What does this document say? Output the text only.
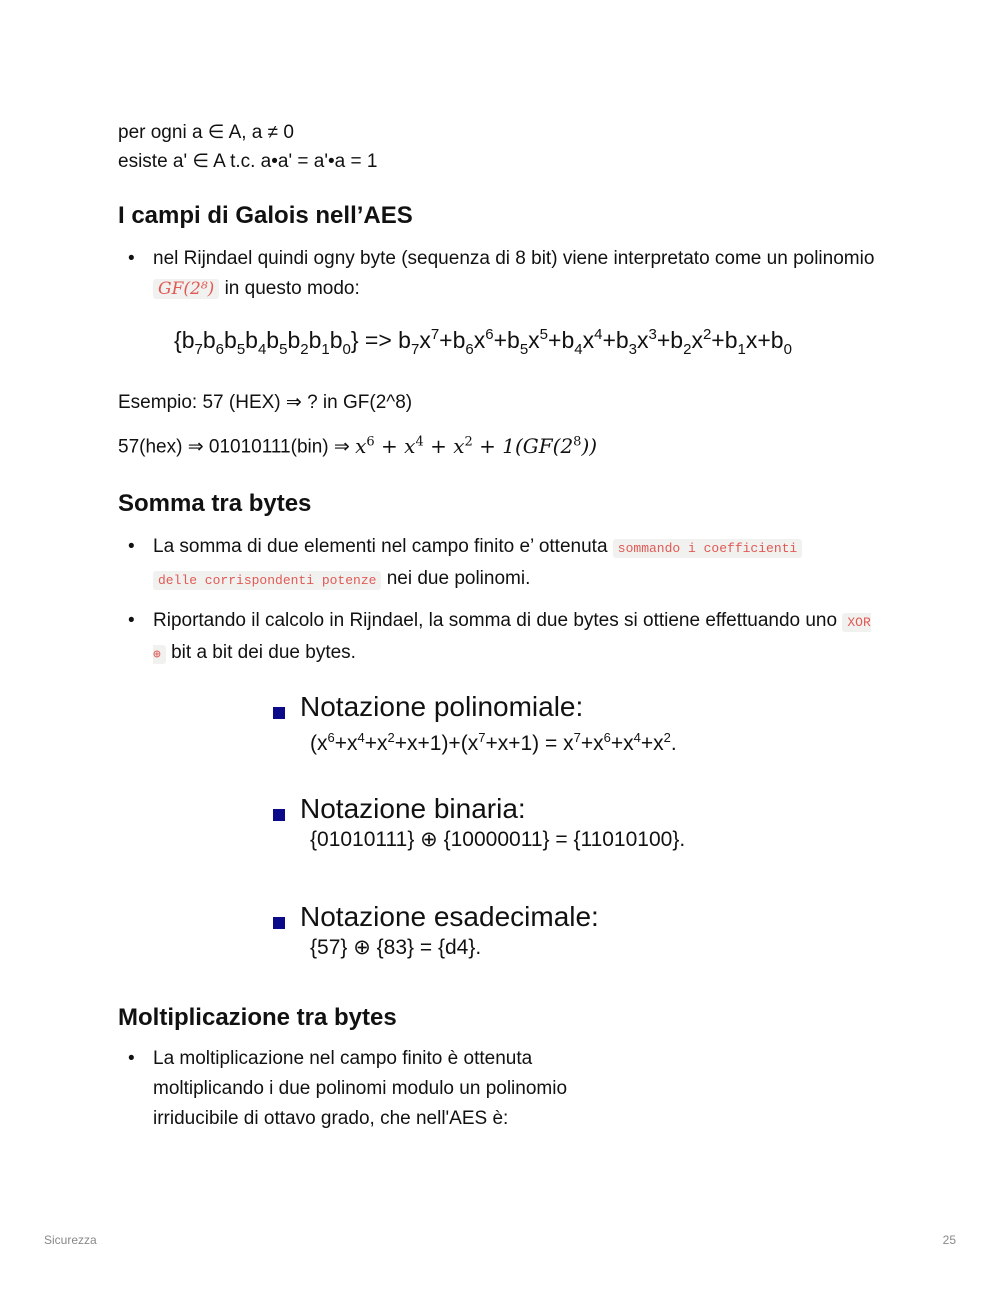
per ogni a ∈ A, a ≠ 0

esiste a' ∈ A t.c. a•a' = a'•a = 1

I campi di Galois nell’AES
• nel Rijndael quindi ogny byte (sequenza di 8 bit) viene interpretato come un polinomio GF(2⁸) in questo modo:
$\{b_7b_6b_5b_4b_5b_2b_1b_0\} => b_7x^7+b_6x^6+b_5x^5+b_4x^4+b_3x^3+b_2x^2+b_1x+b_0$

Esempio: 57 (HEX) ⇒ ? in GF(2^8)

57(hex) ⇒ 01010111(bin) ⇒ $x^6 + x^4 + x^2 + 1(GF(2^8))$

Somma tra bytes
• La somma di due elementi nel campo finito e’ ottenuta sommando i coefficienti
delle corrispondenti potenze nei due polinomi.
• Riportando il calcolo in Rijndael, la somma di due bytes si ottiene effettuando uno XOR ⊕ bit a bit dei due bytes.
Notazione polinomiale:
$(x^6+x^4+x^2+x+1)+(x^7+x+1) = x^7+x^6+x^4+x^2$.
Notazione binaria:
{01010111} ⊕ {10000011} = {11010100}.
Notazione esadecimale:
{57} ⊕ {83} = {d4}.
Moltiplicazione tra bytes
• La moltiplicazione nel campo finito è ottenuta
moltiplicando i due polinomi modulo un polinomio
irriducibile di ottavo grado, che nell'AES è:
Sicurezza	25
